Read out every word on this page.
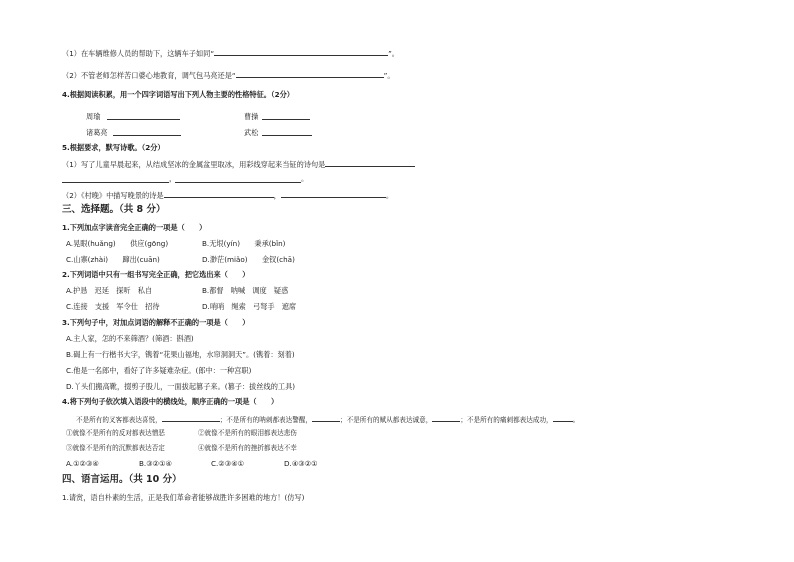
（1）在车辆维修人员的帮助下，这辆车子如同“	”。
（2）不管老师怎样苦口婆心地教育，调气包马亮还是“	”。
4.根据阅读积累，用一个四字词语写出下列人物主要的性格特征。（2分）
周瑜	曹操
诸葛亮	武松
5.根据要求，默写诗歌。（2分）
（1）写了儿童早晨起来，从结成坚冰的金属盆里取冰，用彩线穿起来当钲的诗句是
，	。
（2）《村晚》中描写晚景的诗是	，	。
三、选择题。（共 8 分）
1.下列加点字读音完全正确的一项是（　　）
A.晃眼(huǎng)　　供应(gōng)	B.无垠(yín)　　秉承(bǐn)
C.山寨(zhài)　　蹿出(cuān)	D.渺茫(miǎo)　　金钗(chā)
2.下列词语中只有一组书写完全正确，把它选出来（　　）
A.护恳　迟延　探听　私自	B.都督　呐喊　调度　疑惑
C.连接　支援　军令仕　招待	D.哨哨　绳索　弓弩手　遮席
3.下列句子中，对加点词语的解释不正确的一项是（　　）
A.主人家，怎的不来筛酒？(筛酒：斟酒)
B.碣上有一行楷书大字，镌着“花果山福地，水帘洞洞天”。(镌着：刻着)
C.他是一名郎中，看好了许多疑难杂症。(郎中：一种宫职)
D.丫头们搬高靴，掇剪子股儿，一面拔起篡子来。(篡子：拔丝线的工具)
4.将下列句子依次填入语段中的横线处，顺序正确的一项是（　　）
不是所有的叉客都表达喜悦，	；不是所有的呐刺都表达警醒，	；不是所有的赋从都表达诚意，	；不是所有的痛刺都表达成功，	。
①就像不是所有的反对都表达憎恶	②就像不是所有的眼泪都表达悲伤
③就像不是所有的沉默都表达否定	④就像不是所有的挫折都表达不幸
A.①②③④	B.③②①④	C.②③④①	D.④③②①
四、语言运用。（共 10 分）
1.请赏，语自朴素的生活，正是我们革命者能够战胜许多困难的地方！(仿写)
